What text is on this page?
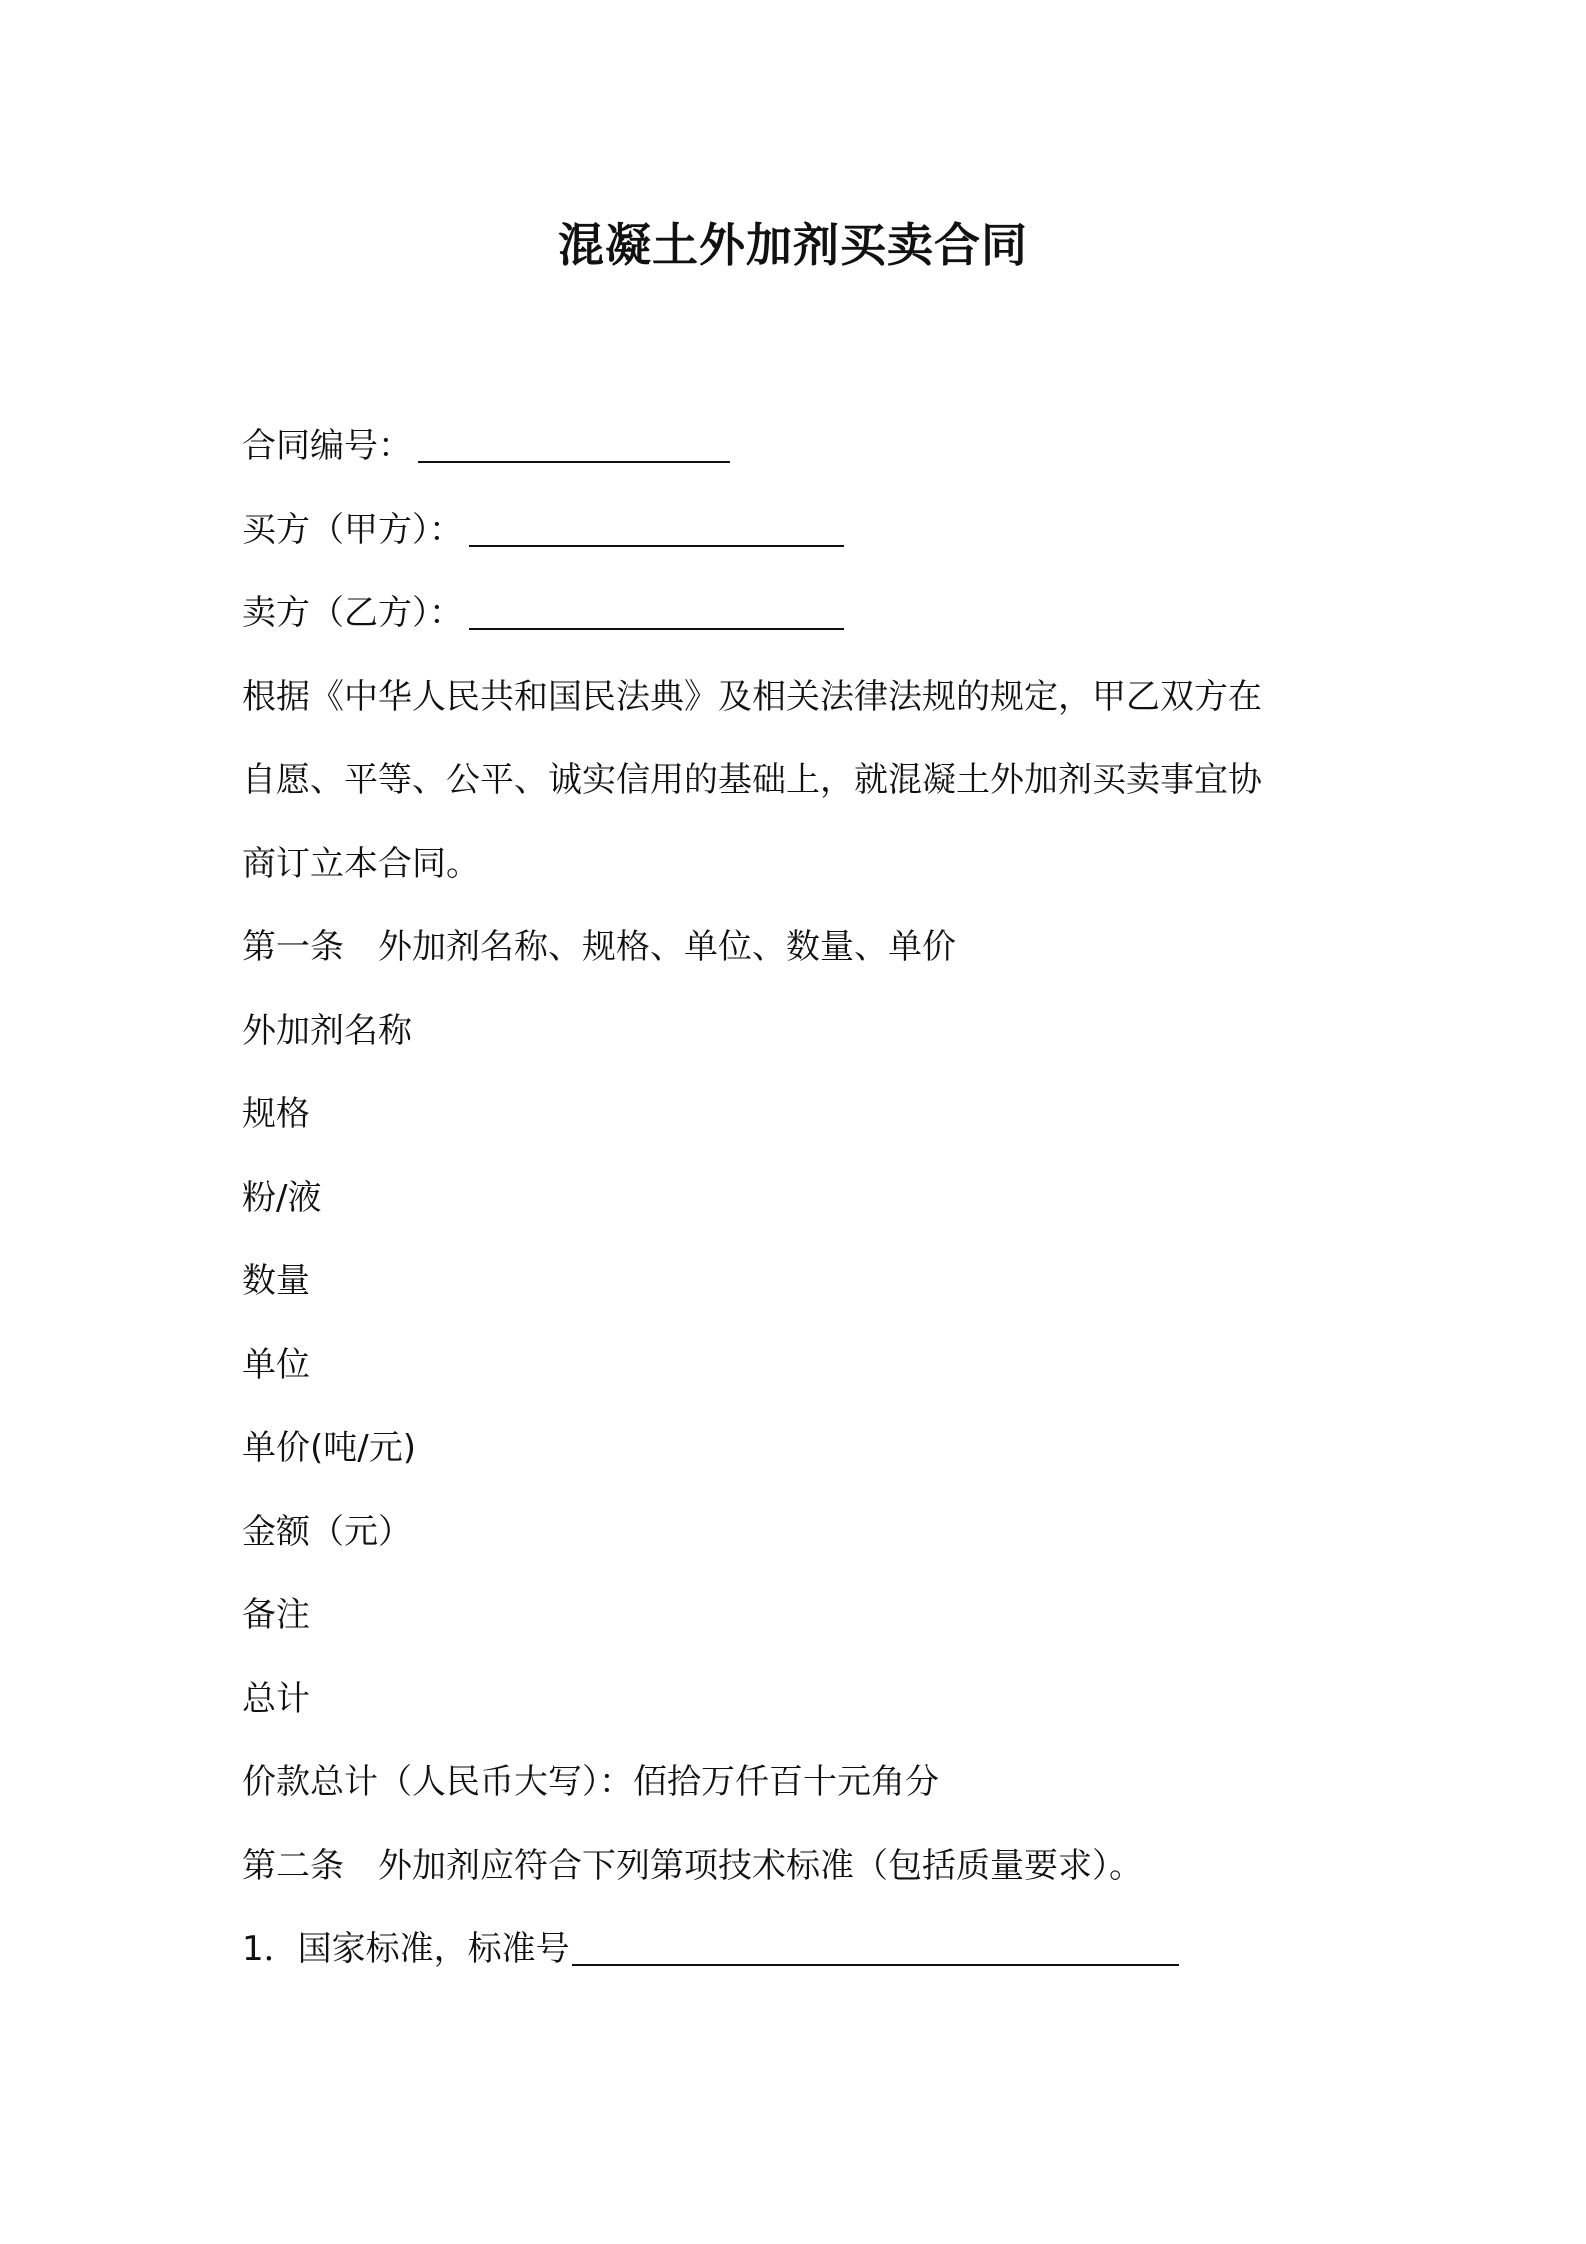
混凝土外加剂买卖合同
合同编号：
买方（甲方）：
卖方（乙方）：
根据《中华人民共和国民法典》及相关法律法规的规定，甲乙双方在
自愿、平等、公平、诚实信用的基础上，就混凝土外加剂买卖事宜协
商订立本合同。
第一条 外加剂名称、规格、单位、数量、单价
外加剂名称
规格
粉/液
数量
单位
单价(吨/元)
金额（元）
备注
总计
价款总计（人民币大写）：佰拾万仟百十元角分
第二条 外加剂应符合下列第项技术标准（包括质量要求）。
1．国家标准，标准号
